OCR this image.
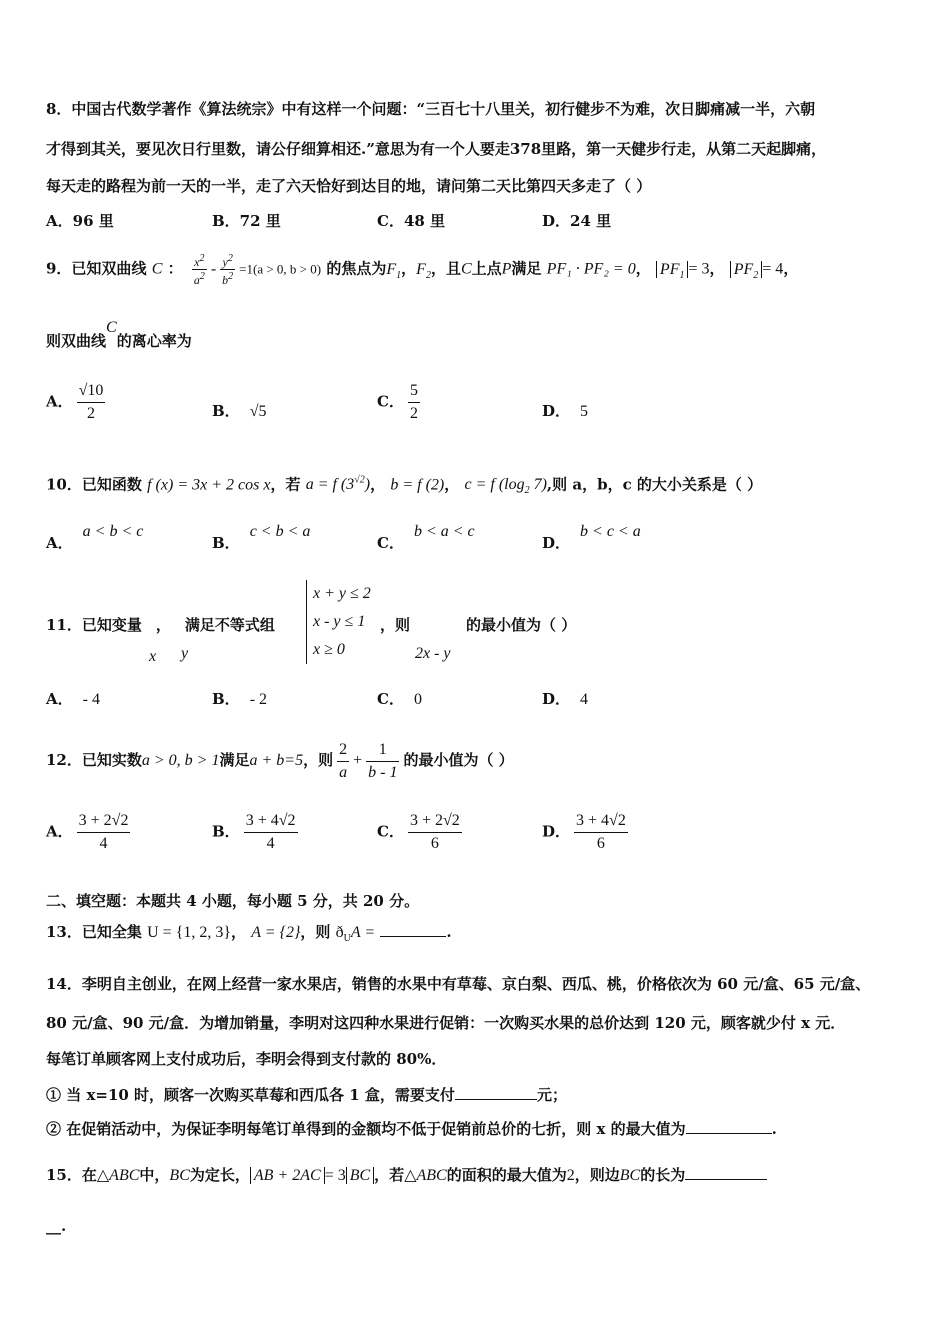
8．中国古代数学著作《算法统宗》中有这样一个问题：“三百七十八里关，初行健步不为难，次日脚痛减一半，六朝
才得到其关，要见次日行里数，请公仔细算相还.”意思为有一个人要走378里路，第一天健步行走，从第二天起脚痛，
每天走的路程为前一天的一半，走了六天恰好到达目的地，请问第二天比第四天多走了（ ）
A．96 里	B．72 里	C．48 里	D．24 里
9．已知双曲线 C ： $\frac{x^2}{a^2} - \frac{y^2}{b^2} =1(a > 0$, b > 0) 的焦点为$F_1$，$F_2$，且C上点P满足 PF₁ · PF₂ = 0， $PF_1 = 3$， $PF_2 = 4$，
则双曲线C的离心率为
A． $\frac{√10}{2}$	B． √5
C． $\frac{5}{2}$	D． 5
10．已知函数 f (x) = 3x + 2 cos x，若 a = f $(3^{√2})$， b = f (2)， c = f ($\log_2$ 7),则 a，b，c 的大小关系是（ ）
A．a < b < c
B．c < b < a
C．b < a < c
D．b < c < a
11．已知变量 ， 满足不等式组
x + y ≤ 2
x - y ≤ 1
x ≥ 0
，则	的最小值为（ ）
x y	2x - y
A． - 4	B． - 2	C． 0	D． 4
12．已知实数a > 0, b > 1满足a + b=5，则 $\frac{2}{a} + \frac{1}{b - 1}$ 的最小值为（ ）
A． $\frac{3 + 2√2}{4}$	B． $\frac{3 + 4√2}{4}$	C． $\frac{3 + 2√2}{6}$	D． $\frac{3 + 4√2}{6}$
二、填空题：本题共 4 小题，每小题 5 分，共 20 分。
13．已知全集 U = {1, 2, 3}， A = {2}，则 $ð_UA$ =	.
14．李明自主创业，在网上经营一家水果店，销售的水果中有草莓、京白梨、西瓜、桃，价格依次为 60 元/盒、65 元/盒、
80 元/盒、90 元/盒．为增加销量，李明对这四种水果进行促销：一次购买水果的总价达到 120 元，顾客就少付 x 元．
每笔订单顾客网上支付成功后，李明会得到支付款的 80%．
① 当 x=10 时，顾客一次购买草莓和西瓜各 1 盒，需要支付	元；
② 在促销活动中，为保证李明每笔订单得到的金额均不低于促销前总价的七折，则 x 的最大值为	.
15．在△ABC中，BC为定长， AB + 2AC = 3 BC ，若△ABC的面积的最大值为2，则边BC的长为
__.
